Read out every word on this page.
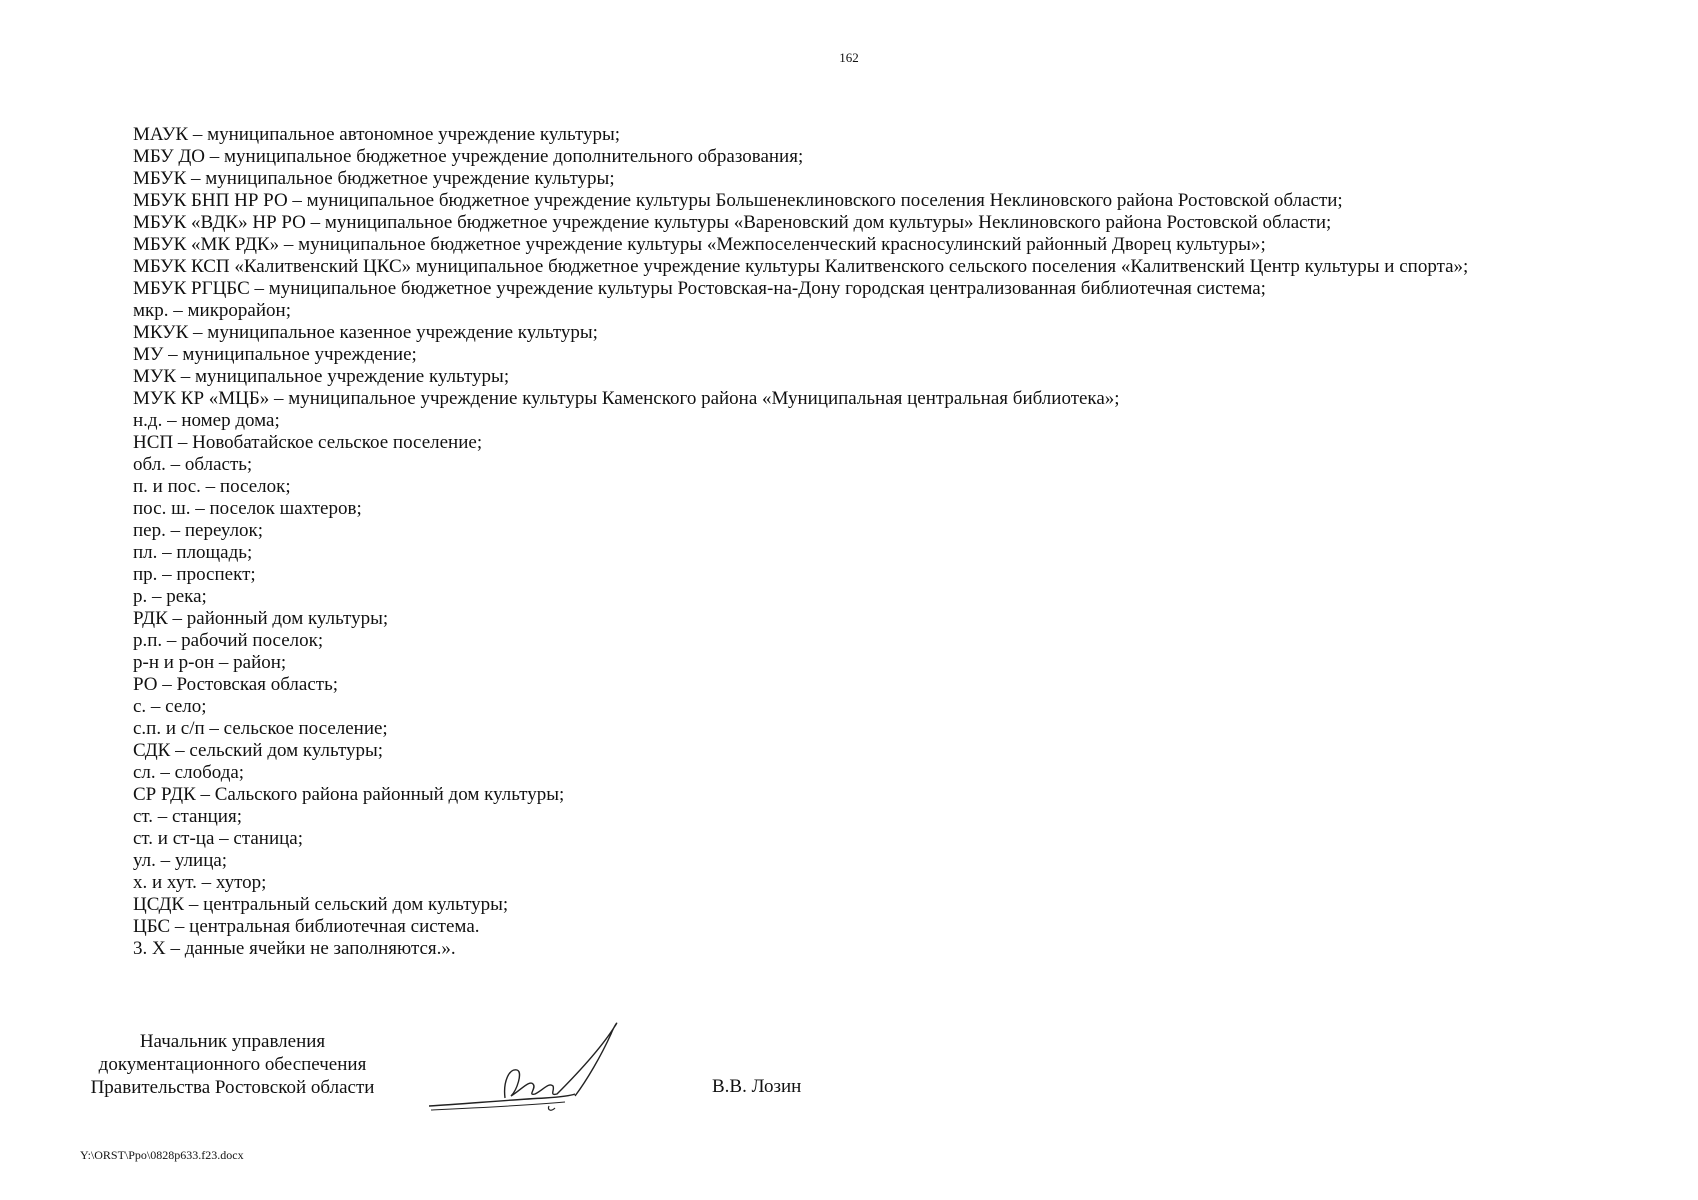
162
МАУК – муниципальное автономное учреждение культуры;
МБУ ДО – муниципальное бюджетное учреждение дополнительного образования;
МБУК – муниципальное бюджетное учреждение культуры;
МБУК БНП НР РО – муниципальное бюджетное учреждение культуры Большенеклиновского поселения Неклиновского района Ростовской области;
МБУК «ВДК» НР РО – муниципальное бюджетное учреждение культуры «Вареновский дом культуры» Неклиновского района Ростовской области;
МБУК «МК РДК» – муниципальное бюджетное учреждение культуры «Межпоселенческий красносулинский районный Дворец культуры»;
МБУК КСП «Калитвенский ЦКС» муниципальное бюджетное учреждение культуры Калитвенского сельского поселения «Калитвенский Центр культуры и спорта»;
МБУК РГЦБС – муниципальное бюджетное учреждение культуры Ростовская-на-Дону городская централизованная библиотечная система;
мкр. – микрорайон;
МКУК – муниципальное казенное учреждение культуры;
МУ – муниципальное учреждение;
МУК – муниципальное учреждение культуры;
МУК КР «МЦБ» – муниципальное учреждение культуры Каменского района «Муниципальная центральная библиотека»;
н.д. – номер дома;
НСП – Новобатайское сельское поселение;
обл. – область;
п. и пос. – поселок;
пос. ш. – поселок шахтеров;
пер. – переулок;
пл. – площадь;
пр. – проспект;
р. – река;
РДК – районный дом культуры;
р.п. – рабочий поселок;
р-н и р-он – район;
РО – Ростовская область;
с. – село;
с.п. и с/п – сельское поселение;
СДК – сельский дом культуры;
сл. – слобода;
СР РДК – Сальского района районный дом культуры;
ст. – станция;
ст. и ст-ца – станица;
ул. – улица;
х. и хут. – хутор;
ЦСДК – центральный сельский дом культуры;
ЦБС – центральная библиотечная система.
3. Х – данные ячейки не заполняются.».
Начальник управления
документационного обеспечения
Правительства Ростовской области	В.В. Лозин
Y:\ORST\Ppo\0828p633.f23.docx
